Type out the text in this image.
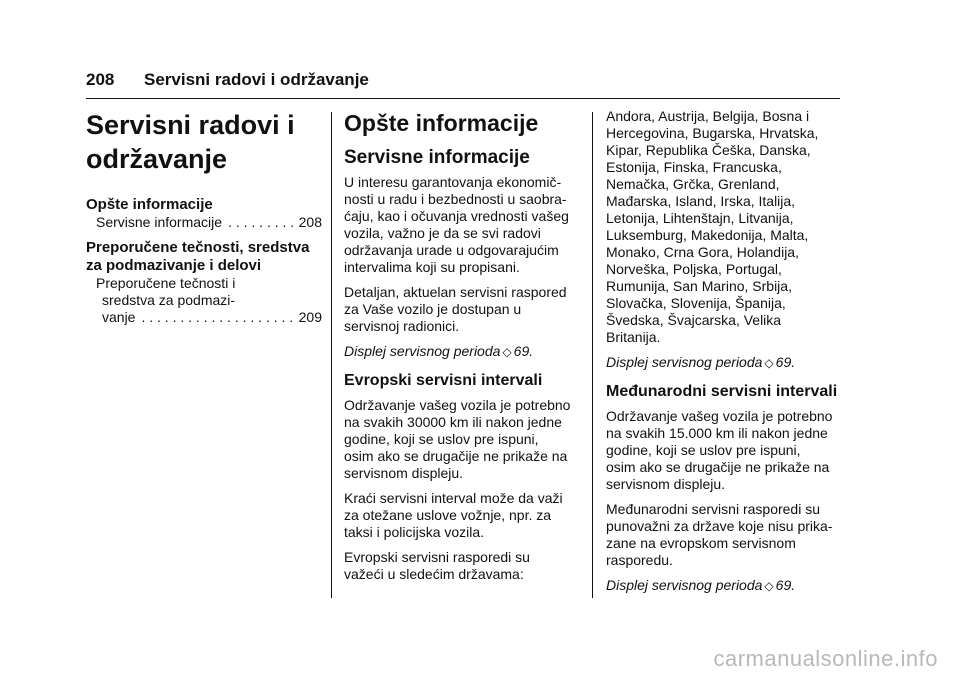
208 Servisni radovi i održavanje
Servisni radovi i
održavanje
Opšte informacije
Servisne informacije . . .	208
Preporučene tečnosti, sredstva
za podmazivanje i delovi
Preporučene tečnosti i
sredstva za podmazi-
vanje . . .	209
Opšte informacije
Servisne informacije

U interesu garantovanja ekonomič-
nosti u radu i bezbednosti u saobra-
ćaju, kao i očuvanja vrednosti vašeg
vozila, važno je da se svi radovi
održavanja urade u odgovarajućim
intervalima koji su propisani.

Detaljan, aktuelan servisni raspored
za Vaše vozilo je dostupan u
servisnoj radionici.

Displej servisnog perioda ◇ 69.

Evropski servisni intervali

Održavanje vašeg vozila je potrebno
na svakih 30000 km ili nakon jedne
godine, koji se uslov pre ispuni,
osim ako se drugačije ne prikaže na
servisnom displeju.

Kraći servisni interval može da važi
za otežane uslove vožnje, npr. za
taksi i policijska vozila.

Evropski servisni rasporedi su
važeći u sledećim državama:

Andora, Austrija, Belgija, Bosna i
Hercegovina, Bugarska, Hrvatska,
Kipar, Republika Češka, Danska,
Estonija, Finska, Francuska,
Nemačka, Grčka, Grenland,
Mađarska, Island, Irska, Italija,
Letonija, Lihtenštajn, Litvanija,
Luksemburg, Makedonija, Malta,
Monako, Crna Gora, Holandija,
Norveška, Poljska, Portugal,
Rumunija, San Marino, Srbija,
Slovačka, Slovenija, Španija,
Švedska, Švajcarska, Velika
Britanija.

Displej servisnog perioda ◇ 69.

Međunarodni servisni intervali

Održavanje vašeg vozila je potrebno
na svakih 15.000 km ili nakon jedne
godine, koji se uslov pre ispuni,
osim ako se drugačije ne prikaže na
servisnom displeju.

Međunarodni servisni rasporedi su
punovažni za države koje nisu prika-
zane na evropskom servisnom
rasporedu.

Displej servisnog perioda ◇ 69.

carmanualsonline.info
